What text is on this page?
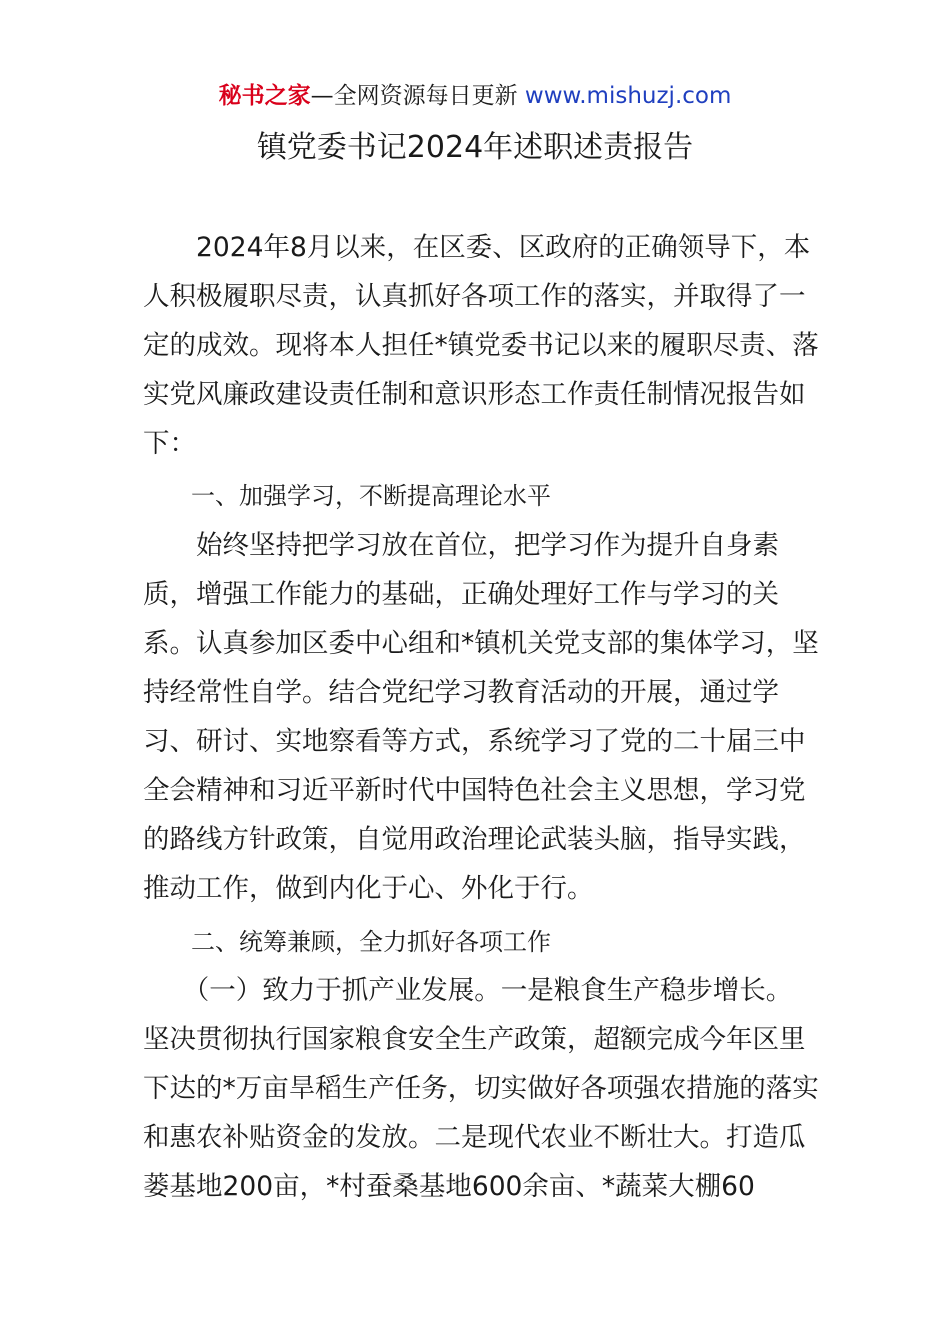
秘书之家—全网资源每日更新 www.mishuzj.com
镇党委书记2024年述职述责报告
　　2024年8月以来，在区委、区政府的正确领导下，本
人积极履职尽责，认真抓好各项工作的落实，并取得了一
定的成效。现将本人担任*镇党委书记以来的履职尽责、落
实党风廉政建设责任制和意识形态工作责任制情况报告如
下：
　　一、加强学习，不断提高理论水平
　　始终坚持把学习放在首位，把学习作为提升自身素
质，增强工作能力的基础，正确处理好工作与学习的关
系。认真参加区委中心组和*镇机关党支部的集体学习，坚
持经常性自学。结合党纪学习教育活动的开展，通过学
习、研讨、实地察看等方式，系统学习了党的二十届三中
全会精神和习近平新时代中国特色社会主义思想，学习党
的路线方针政策，自觉用政治理论武装头脑，指导实践，
推动工作，做到内化于心、外化于行。
　　二、统筹兼顾，全力抓好各项工作
　　（一）致力于抓产业发展。一是粮食生产稳步增长。
坚决贯彻执行国家粮食安全生产政策，超额完成今年区里
下达的*万亩旱稻生产任务，切实做好各项强农措施的落实
和惠农补贴资金的发放。二是现代农业不断壮大。打造瓜
蒌基地200亩，*村蚕桑基地600余亩、*蔬菜大棚60
